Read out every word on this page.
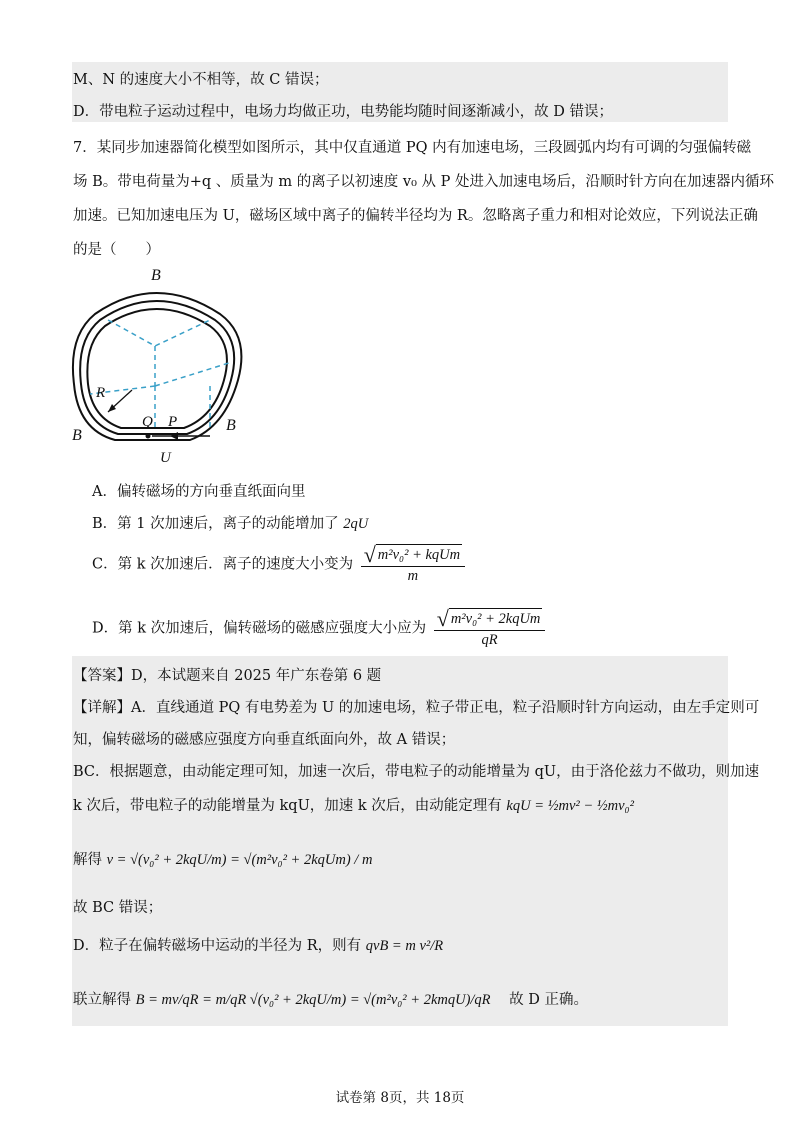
M、N 的速度大小不相等，故 C 错误；
D．带电粒子运动过程中，电场力均做正功，电势能均随时间逐渐减小，故 D 错误；
7．某同步加速器简化模型如图所示，其中仅直通道 PQ 内有加速电场，三段圆弧内均有可调的匀强偏转磁
场 B。带电荷量为+q 、质量为 m 的离子以初速度 v₀ 从 P 处进入加速电场后，沿顺时针方向在加速器内循环
加速。已知加速电压为 U，磁场区域中离子的偏转半径均为 R。忽略离子重力和相对论效应，下列说法正确
的是（　　）
B
B
B
R
Q P
U
A．偏转磁场的方向垂直纸面向里
B．第 1 次加速后，离子的动能增加了 2qU
C．第 k 次加速后．离子的速度大小变为 $\frac{\text{√ m²v₀² + kqUm}}{m}$
D．第 k 次加速后，偏转磁场的磁感应强度大小应为 $\frac{\text{√ m²v₀² + 2kqUm}}{qR}$
【答案】D，本试题来自 2025 年广东卷第 6 题
【详解】A．直线通道 PQ 有电势差为 U 的加速电场，粒子带正电，粒子沿顺时针方向运动，由左手定则可
知，偏转磁场的磁感应强度方向垂直纸面向外，故 A 错误；
BC．根据题意，由动能定理可知，加速一次后，带电粒子的动能增量为 qU，由于洛伦兹力不做功，则加速
k 次后，带电粒子的动能增量为 kqU，加速 k 次后，由动能定理有 kqU = ½mv² − ½mv₀²
解得 v = √(v₀² + 2kqU/m) = √(m²v₀² + 2kqUm) / m
故 BC 错误；
D．粒子在偏转磁场中运动的半径为 R，则有 qvB = m v²/R
联立解得 B = mv/qR = m/qR √(v₀² + 2kqU/m) = √(m²v₀² + 2kmqU)/qR 故 D 正确。
试卷第 8页，共 18页
